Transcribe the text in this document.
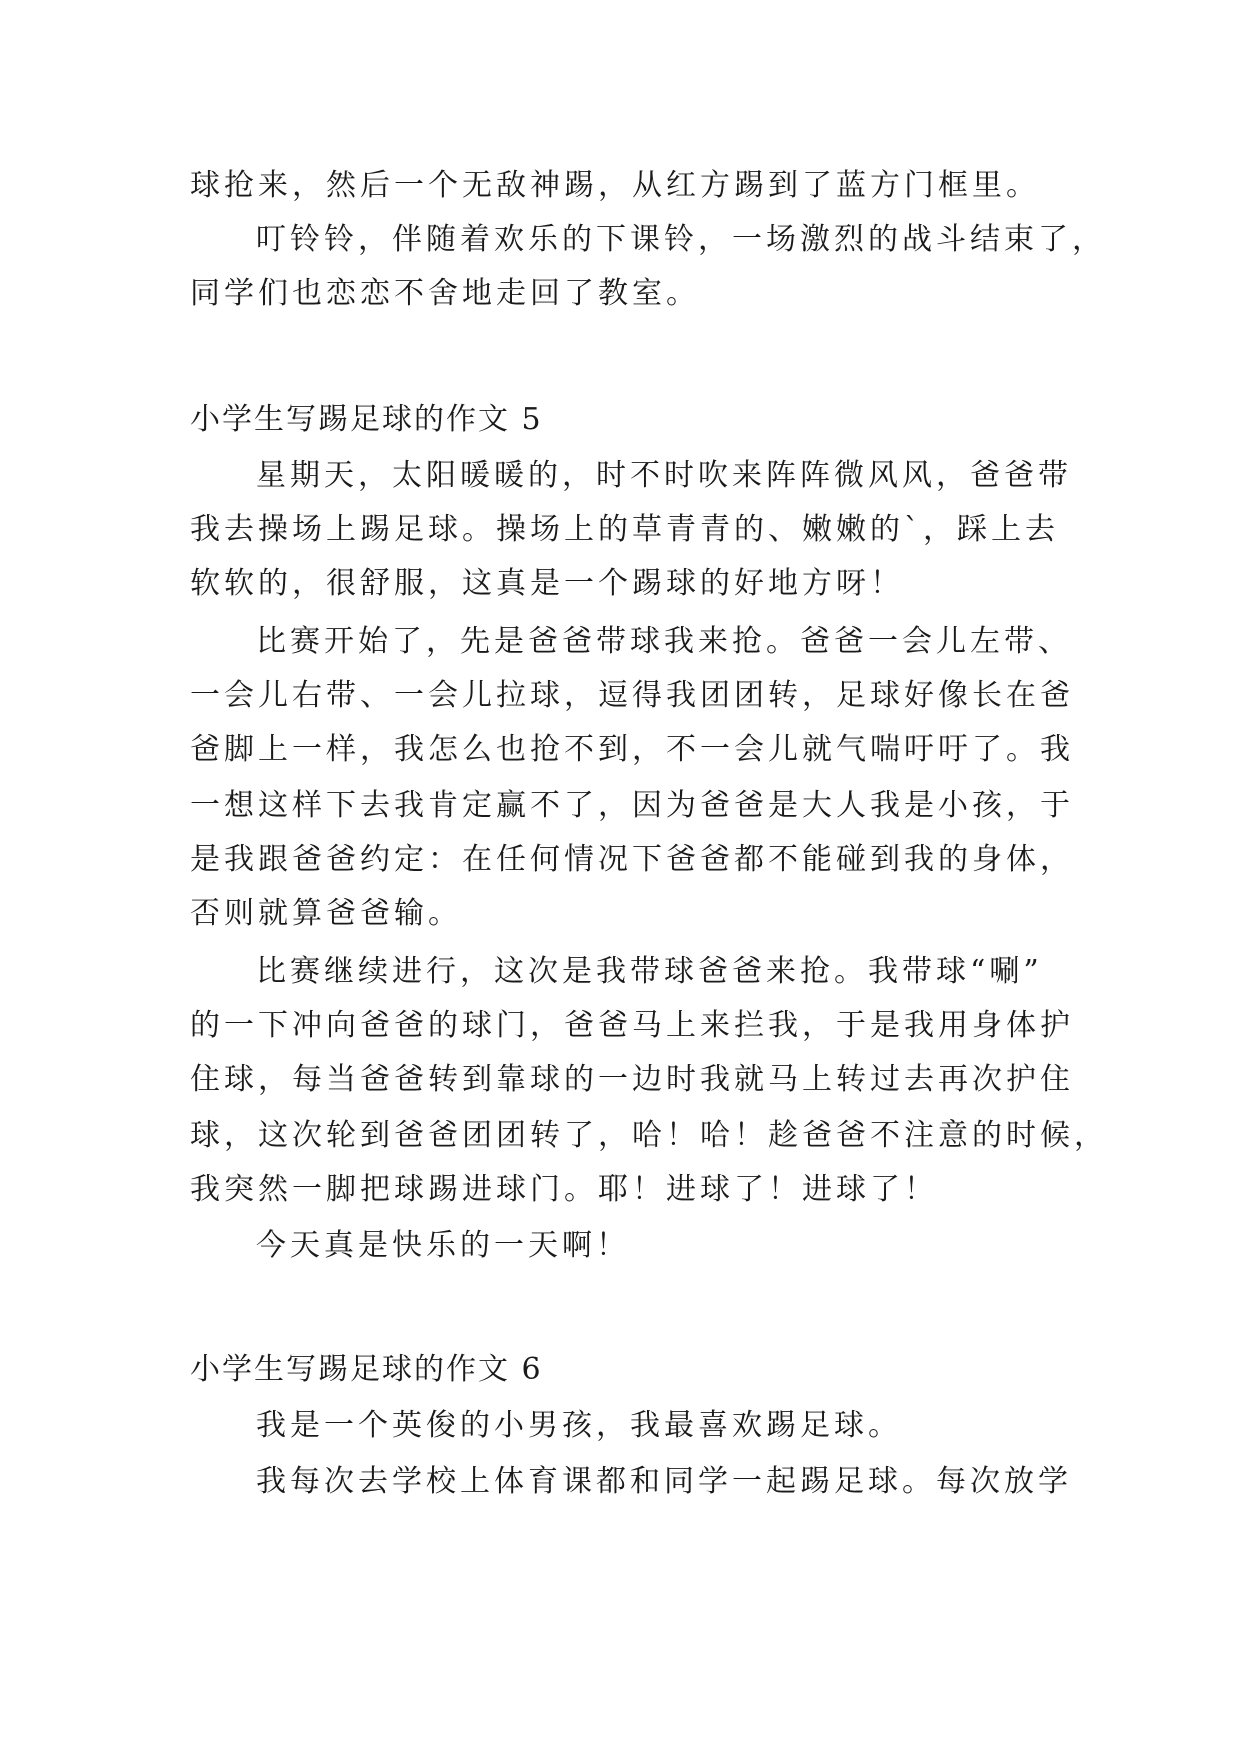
球抢来，然后一个无敌神踢，从红方踢到了蓝方门框里。
叮铃铃，伴随着欢乐的下课铃，一场激烈的战斗结束了，
同学们也恋恋不舍地走回了教室。
小学生写踢足球的作文 5
星期天，太阳暖暖的，时不时吹来阵阵微风风，爸爸带
我去操场上踢足球。操场上的草青青的、嫩嫩的`，踩上去
软软的，很舒服，这真是一个踢球的好地方呀！
比赛开始了，先是爸爸带球我来抢。爸爸一会儿左带、
一会儿右带、一会儿拉球，逗得我团团转，足球好像长在爸
爸脚上一样，我怎么也抢不到，不一会儿就气喘吁吁了。我
一想这样下去我肯定赢不了，因为爸爸是大人我是小孩，于
是我跟爸爸约定：在任何情况下爸爸都不能碰到我的身体，
否则就算爸爸输。
比赛继续进行，这次是我带球爸爸来抢。我带球“唰”
的一下冲向爸爸的球门，爸爸马上来拦我，于是我用身体护
住球，每当爸爸转到靠球的一边时我就马上转过去再次护住
球，这次轮到爸爸团团转了，哈！哈！趁爸爸不注意的时候，
我突然一脚把球踢进球门。耶！进球了！进球了！
今天真是快乐的一天啊！
小学生写踢足球的作文 6
我是一个英俊的小男孩，我最喜欢踢足球。
我每次去学校上体育课都和同学一起踢足球。每次放学
